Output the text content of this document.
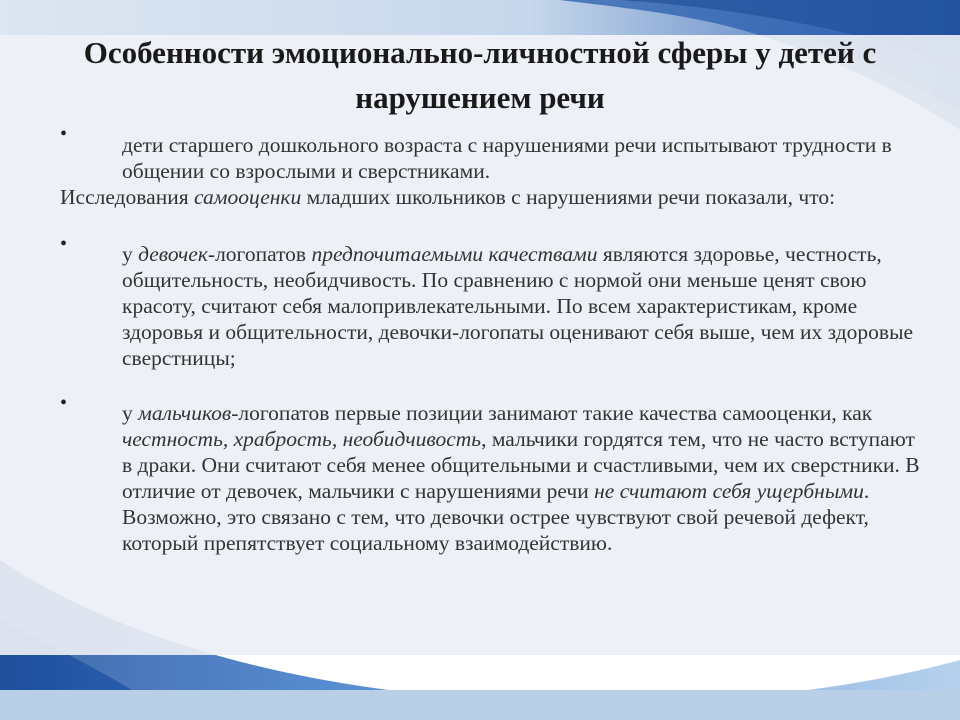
Особенности эмоционально-личностной сферы у детей с нарушением речи
•	дети старшего дошкольного возраста с нарушениями речи испытывают трудности в общении со взрослыми и сверстниками.
Исследования самооценки младших школьников с нарушениями речи показали, что:
•	у девочек-логопатов предпочитаемыми качествами являются здоровье, честность, общительность, необидчивость. По сравнению с нормой они меньше ценят свою красоту, считают себя малопривлекательными. По всем характеристикам, кроме здоровья и общительности, девочки-логопаты оценивают себя выше, чем их здоровые сверстницы;
•	у мальчиков-логопатов первые позиции занимают такие качества самооценки, как честность, храбрость, необидчивость, мальчики гордятся тем, что не часто вступают в драки. Они считают себя менее общительными и счастливыми, чем их сверстники. В отличие от девочек, мальчики с нарушениями речи не считают себя ущербными. Возможно, это связано с тем, что девочки острее чувствуют свой речевой дефект, который препятствует социальному взаимодействию.
